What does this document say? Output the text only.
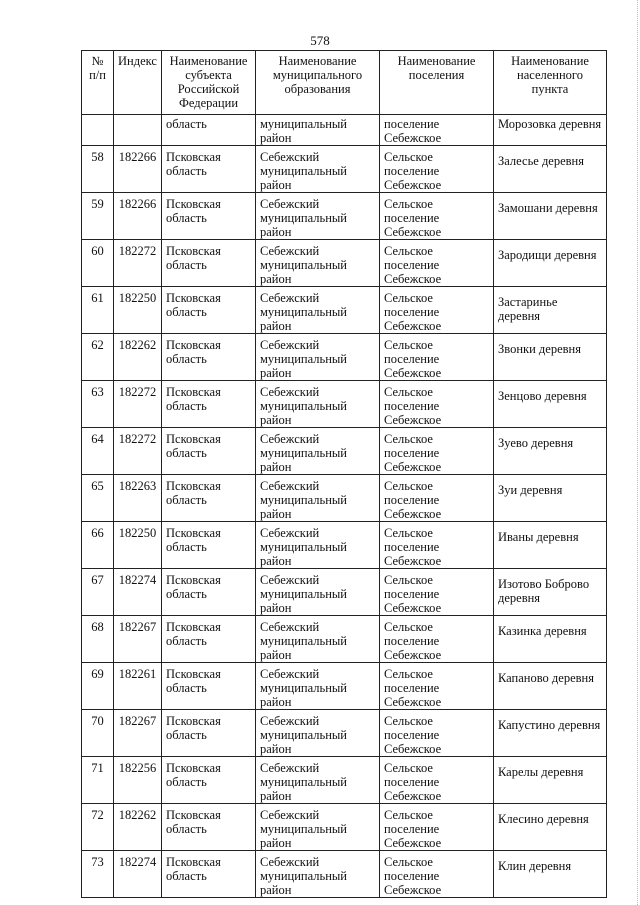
578
№ п/п	Индекс	Наименование субъекта Российской Федерации	Наименование муниципального образования	Наименование поселения	Наименование населенного пункта
		область	муниципальный район	поселение Себежское	Морозовка деревня
58	182266	Псковская область	Себежский муниципальный район	Сельское поселение Себежское	Залесье деревня
59	182266	Псковская область	Себежский муниципальный район	Сельское поселение Себежское	Замошани деревня
60	182272	Псковская область	Себежский муниципальный район	Сельское поселение Себежское	Зародищи деревня
61	182250	Псковская область	Себежский муниципальный район	Сельское поселение Себежское	Застаринье деревня
62	182262	Псковская область	Себежский муниципальный район	Сельское поселение Себежское	Звонки деревня
63	182272	Псковская область	Себежский муниципальный район	Сельское поселение Себежское	Зенцово деревня
64	182272	Псковская область	Себежский муниципальный район	Сельское поселение Себежское	Зуево деревня
65	182263	Псковская область	Себежский муниципальный район	Сельское поселение Себежское	Зуи деревня
66	182250	Псковская область	Себежский муниципальный район	Сельское поселение Себежское	Иваны деревня
67	182274	Псковская область	Себежский муниципальный район	Сельское поселение Себежское	Изотово Боброво деревня
68	182267	Псковская область	Себежский муниципальный район	Сельское поселение Себежское	Казинка деревня
69	182261	Псковская область	Себежский муниципальный район	Сельское поселение Себежское	Капаново деревня
70	182267	Псковская область	Себежский муниципальный район	Сельское поселение Себежское	Капустино деревня
71	182256	Псковская область	Себежский муниципальный район	Сельское поселение Себежское	Карелы деревня
72	182262	Псковская область	Себежский муниципальный район	Сельское поселение Себежское	Клесино деревня
73	182274	Псковская область	Себежский муниципальный район	Сельское поселение Себежское	Клин деревня
